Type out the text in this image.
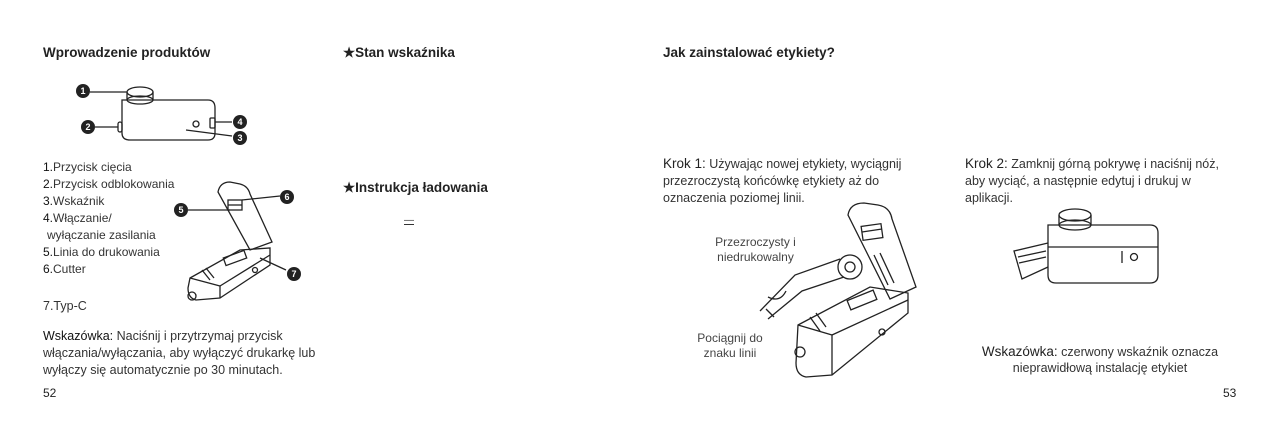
Wprowadzenie produktów
1
2	4
3
1.Przycisk cięcia
2.Przycisk odblokowania
3.Wskaźnik
4.Włączanie/
wyłączanie zasilania
5.Linia do drukowania
6.Cutter
5
6
7
7.Typ-C
Wskazówka: Naciśnij i przytrzymaj przycisk włączania/wyłączania, aby wyłączyć drukarkę lub wyłączy się automatycznie po 30 minutach.
52
★Stan wskaźnika
★Instrukcja ładowania
—
Jak zainstalować etykiety?
Krok 1: Używając nowej etykiety, wyciągnij przezroczystą końcówkę etykiety aż do oznaczenia poziomej linii.
Krok 2: Zamknij górną pokrywę i naciśnij nóż, aby wyciąć, a następnie edytuj i drukuj w aplikacji.
Przezroczysty i niedrukowalny
Pociągnij do znaku linii	Wskazówka: czerwony wskaźnik oznacza nieprawidłową instalację etykiet
53
